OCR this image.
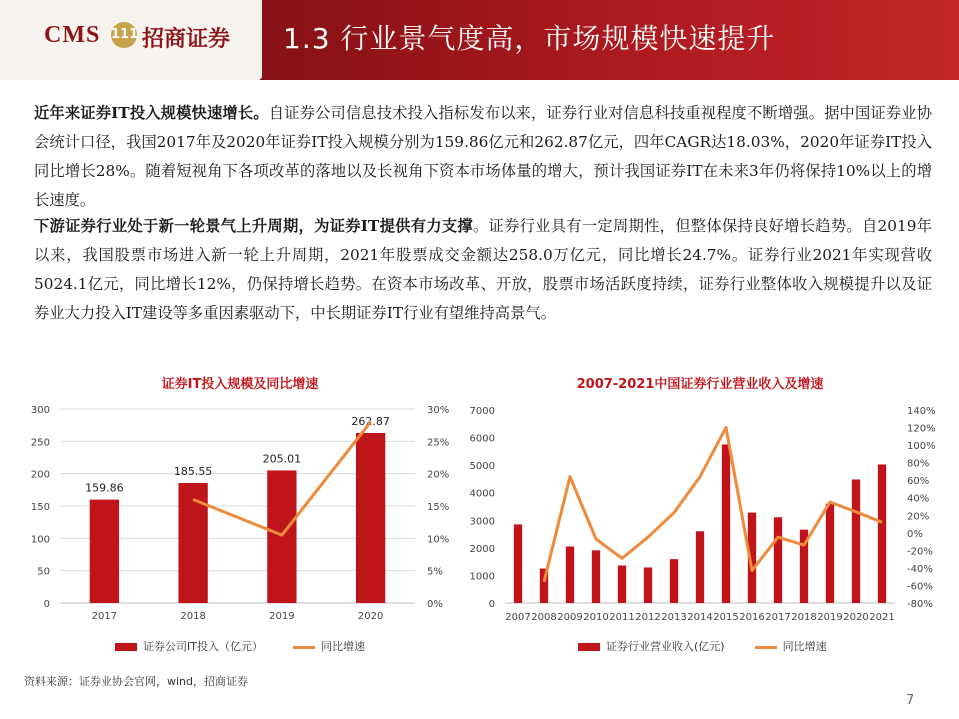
CMS 111 招商证券 1.3 行业景气度高，市场规模快速提升
近年来证券IT投入规模快速增长。自证券公司信息技术投入指标发布以来，证券行业对信息科技重视程度不断增强。据中国证券业协会统计口径，我国2017年及2020年证券IT投入规模分别为159.86亿元和262.87亿元，四年CAGR达18.03%，2020年证券IT投入同比增长28%。随着短视角下各项改革的落地以及长视角下资本市场体量的增大，预计我国证券IT在未来3年仍将保持10%以上的增长速度。
下游证券行业处于新一轮景气上升周期，为证券IT提供有力支撑。证券行业具有一定周期性，但整体保持良好增长趋势。自2019年以来，我国股票市场进入新一轮上升周期，2021年股票成交金额达258.0万亿元，同比增长24.7%。证券行业2021年实现营收5024.1亿元，同比增长12%，仍保持增长趋势。在资本市场改革、开放，股票市场活跃度持续，证券行业整体收入规模提升以及证券业大力投入IT建设等多重因素驱动下，中长期证券IT行业有望维持高景气。
证券IT投入规模及同比增速	2007-2021中国证券行业营业收入及增速
0
50
100
150
200
250
300
0%
5%
10%
15%
20%
25%
30%
159.86
185.55
205.01
262.87
2017	2018	2019	2020
0
1000
2000
3000
4000
5000
6000
7000
-80%
-60%
-40%
-20%
0%
20%
40%
60%
80%
100%
120%
140%
2007 2008 2009 2010 2011 2012 2013 2014 2015 2016 2017 2018 2019 2020 2021
证券公司IT投入（亿元）	同比增速	证券行业营业收入(亿元)	同比增速
资料来源：证券业协会官网，wind，招商证券
7
